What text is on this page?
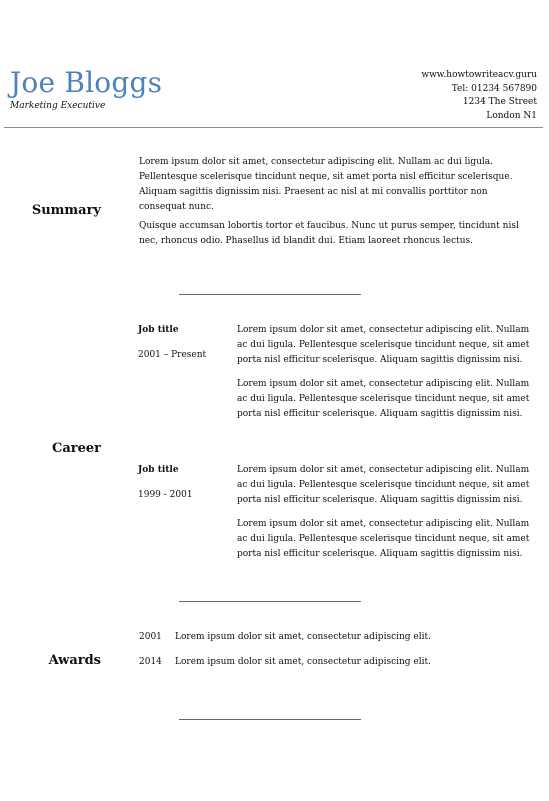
Joe Bloggs
Marketing Executive
www.howtowriteacv.guru
Tel: 01234 567890
1234 The Street
London N1
Summary

Lorem ipsum dolor sit amet, consectetur adipiscing elit. Nullam ac dui ligula. Pellentesque scelerisque tincidunt neque, sit amet porta nisl efficitur scelerisque. Aliquam sagittis dignissim nisi. Praesent ac nisl at mi convallis porttitor non consequat nunc.

Quisque accumsan lobortis tortor et faucibus. Nunc ut purus semper, tincidunt nisl nec, rhoncus odio. Phasellus id blandit dui. Etiam laoreet rhoncus lectus.

Career
Job title
2001 – Present

Lorem ipsum dolor sit amet, consectetur adipiscing elit. Nullam ac dui ligula. Pellentesque scelerisque tincidunt neque, sit amet porta nisl efficitur scelerisque. Aliquam sagittis dignissim nisi.

Lorem ipsum dolor sit amet, consectetur adipiscing elit. Nullam ac dui ligula. Pellentesque scelerisque tincidunt neque, sit amet porta nisl efficitur scelerisque. Aliquam sagittis dignissim nisi.

Job title
1999 - 2001

Lorem ipsum dolor sit amet, consectetur adipiscing elit. Nullam ac dui ligula. Pellentesque scelerisque tincidunt neque, sit amet porta nisl efficitur scelerisque. Aliquam sagittis dignissim nisi.

Lorem ipsum dolor sit amet, consectetur adipiscing elit. Nullam ac dui ligula. Pellentesque scelerisque tincidunt neque, sit amet porta nisl efficitur scelerisque. Aliquam sagittis dignissim nisi.

Awards
2001 Lorem ipsum dolor sit amet, consectetur adipiscing elit.
2014 Lorem ipsum dolor sit amet, consectetur adipiscing elit.
